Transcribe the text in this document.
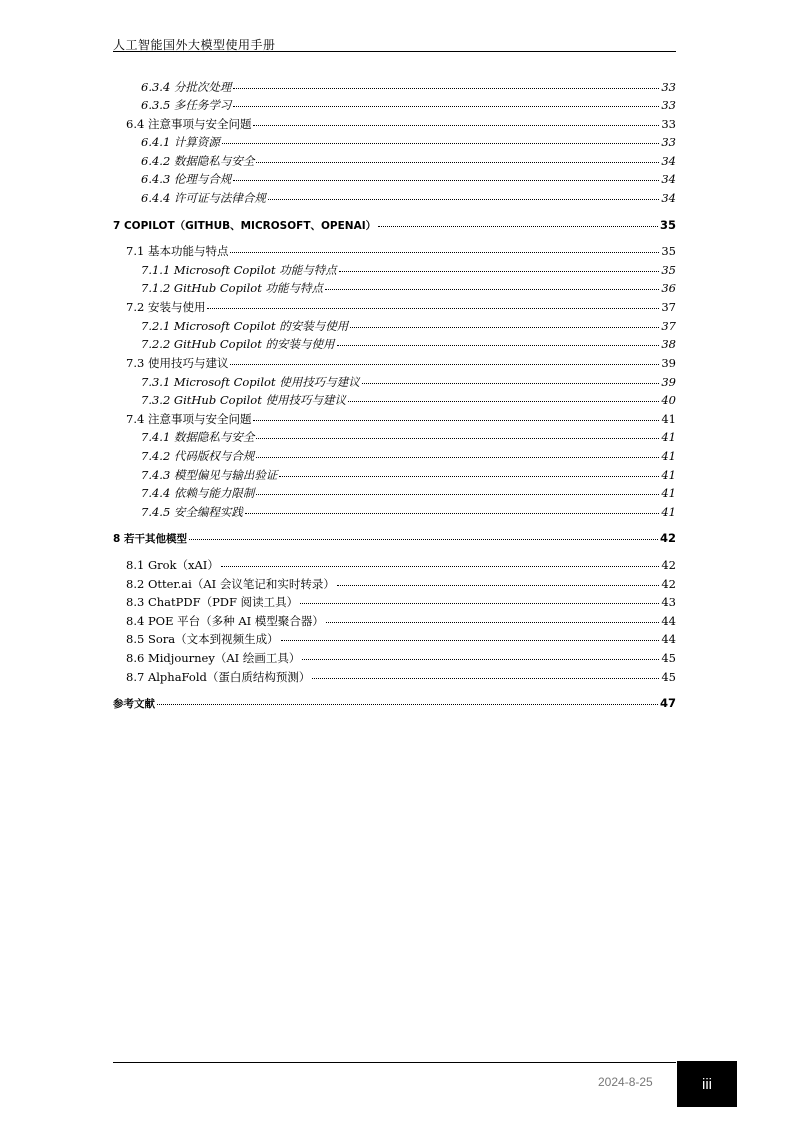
人工智能国外大模型使用手册
6.3.4 分批次处理	33
6.3.5 多任务学习	33
6.4 注意事项与安全问题	33
6.4.1 计算资源	33
6.4.2 数据隐私与安全	34
6.4.3 伦理与合规	34
6.4.4 许可证与法律合规	34
7 COPILOT（GITHUB、MICROSOFT、OPENAI）	35
7.1 基本功能与特点	35
7.1.1 Microsoft Copilot 功能与特点	35
7.1.2 GitHub Copilot 功能与特点	36
7.2 安装与使用	37
7.2.1 Microsoft Copilot 的安装与使用	37
7.2.2 GitHub Copilot 的安装与使用	38
7.3 使用技巧与建议	39
7.3.1 Microsoft Copilot 使用技巧与建议	39
7.3.2 GitHub Copilot 使用技巧与建议	40
7.4 注意事项与安全问题	41
7.4.1 数据隐私与安全	41
7.4.2 代码版权与合规	41
7.4.3 模型偏见与输出验证	41
7.4.4 依赖与能力限制	41
7.4.5 安全编程实践	41
8 若干其他模型	42
8.1 Grok（xAI）	42
8.2 Otter.ai（AI 会议笔记和实时转录）	42
8.3 ChatPDF（PDF 阅读工具）	43
8.4 POE 平台（多种 AI 模型聚合器）	44
8.5 Sora（文本到视频生成）	44
8.6 Midjourney（AI 绘画工具）	45
8.7 AlphaFold（蛋白质结构预测）	45
参考文献	47
2024-8-25	iii
